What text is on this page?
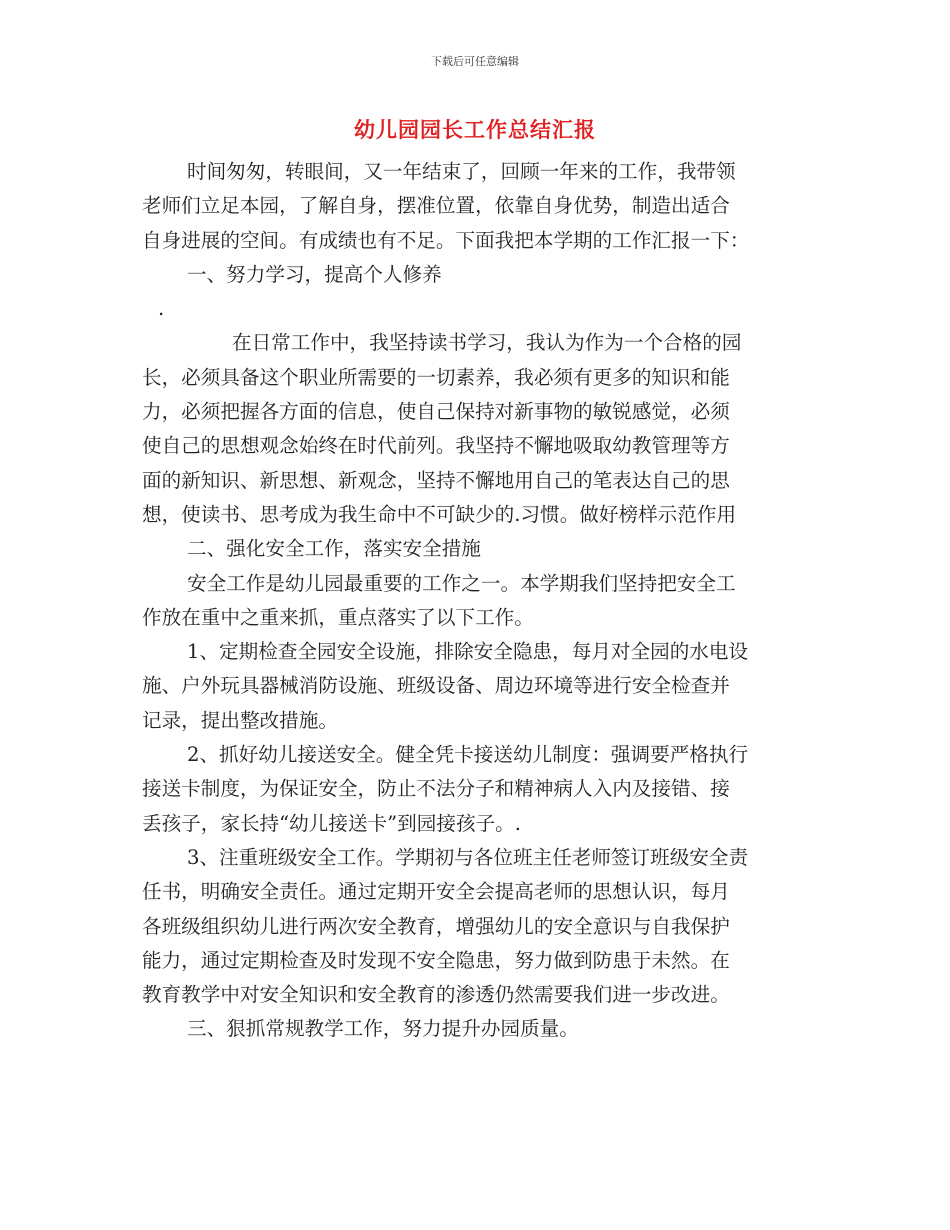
下载后可任意编辑
幼儿园园长工作总结汇报
时间匆匆，转眼间，又一年结束了，回顾一年来的工作，我带领
老师们立足本园，了解自身，摆准位置，依靠自身优势，制造出适合
自身进展的空间。有成绩也有不足。下面我把本学期的工作汇报一下：
一、努力学习，提高个人修养
.
在日常工作中，我坚持读书学习，我认为作为一个合格的园
长，必须具备这个职业所需要的一切素养，我必须有更多的知识和能
力，必须把握各方面的信息，使自己保持对新事物的敏锐感觉，必须
使自己的思想观念始终在时代前列。我坚持不懈地吸取幼教管理等方
面的新知识、新思想、新观念，坚持不懈地用自己的笔表达自己的思
想，使读书、思考成为我生命中不可缺少的.习惯。做好榜样示范作用
二、强化安全工作，落实安全措施
安全工作是幼儿园最重要的工作之一。本学期我们坚持把安全工
作放在重中之重来抓，重点落实了以下工作。
1、定期检查全园安全设施，排除安全隐患，每月对全园的水电设
施、户外玩具器械消防设施、班级设备、周边环境等进行安全检查并
记录，提出整改措施。
2、抓好幼儿接送安全。健全凭卡接送幼儿制度：强调要严格执行
接送卡制度，为保证安全，防止不法分子和精神病人入内及接错、接
丢孩子，家长持“幼儿接送卡”到园接孩子。.
3、注重班级安全工作。学期初与各位班主任老师签订班级安全责
任书，明确安全责任。通过定期开安全会提高老师的思想认识，每月
各班级组织幼儿进行两次安全教育，增强幼儿的安全意识与自我保护
能力，通过定期检查及时发现不安全隐患，努力做到防患于未然。在
教育教学中对安全知识和安全教育的渗透仍然需要我们进一步改进。
三、狠抓常规教学工作，努力提升办园质量。
